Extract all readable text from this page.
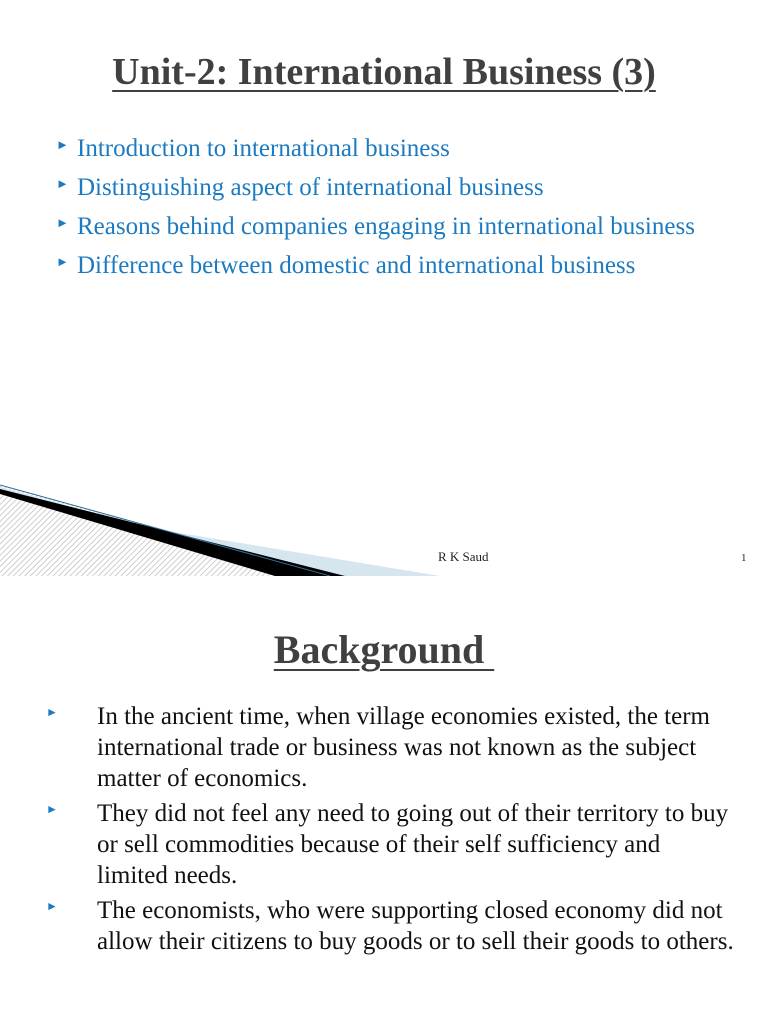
Unit-2: International Business (3)
► Introduction to international business
► Distinguishing aspect of international business
► Reasons behind companies engaging in international business
► Difference between domestic and international business
R K Saud	1
Background
► In the ancient time, when village economies existed, the term international trade or business was not known as the subject matter of economics.
► They did not feel any need to going out of their territory to buy or sell commodities because of their self sufficiency and limited needs.
► The economists, who were supporting closed economy did not allow their citizens to buy goods or to sell their goods to others.
